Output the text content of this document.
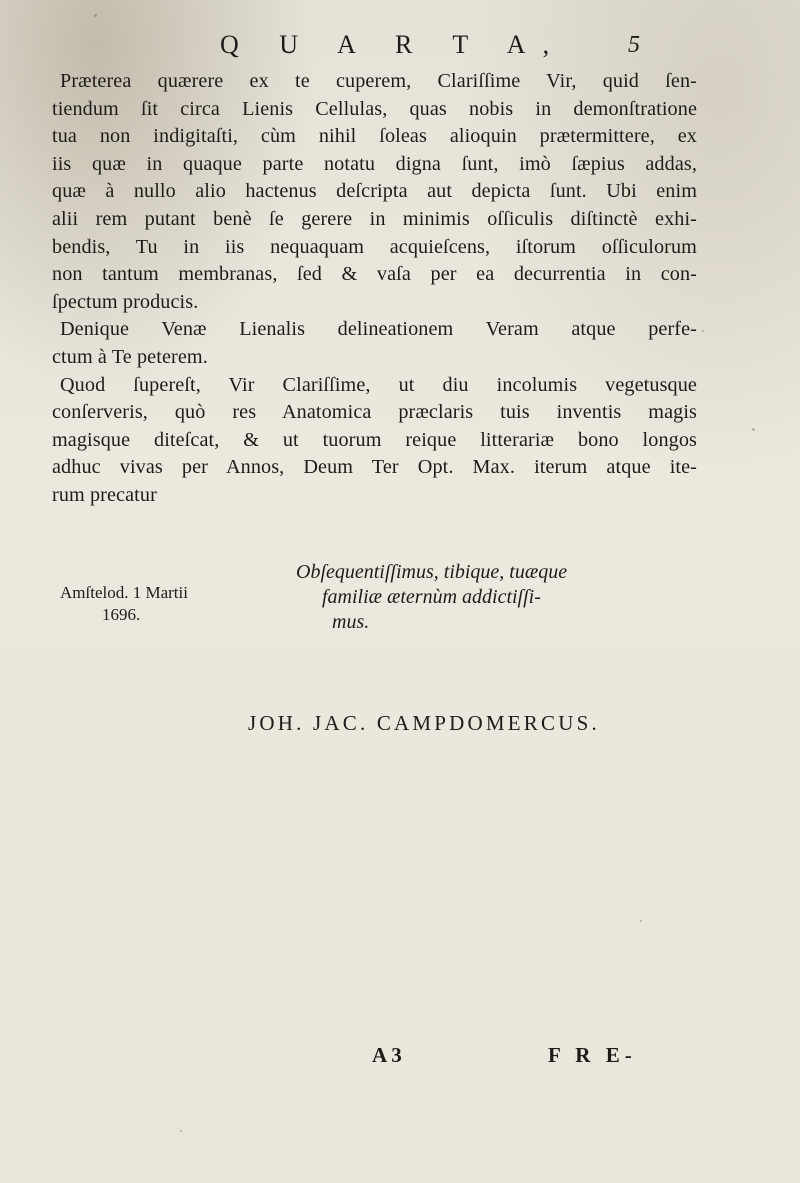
Q U A R T A,	5

Præterea quærere ex te cuperem, Clariſſime Vir, quid ſen-
tiendum ſit circa Lienis Cellulas, quas nobis in demonſtratione
tua non indigitaſti, cùm nihil ſoleas alioquin prætermittere, ex
iis quæ in quaque parte notatu digna ſunt, imò ſæpius addas,
quæ à nullo alio hactenus deſcripta aut depicta ſunt. Ubi enim
alii rem putant benè ſe gerere in minimis oſſiculis diſtinctè exhi-
bendis, Tu in iis nequaquam acquieſcens, iſtorum oſſiculorum
non tantum membranas, ſed & vaſa per ea decurrentia in con-
ſpectum producis.

Denique Venæ Lienalis delineationem Veram atque perfe-
ctum à Te peterem.

Quod ſupereſt, Vir Clariſſime, ut diu incolumis vegetusque
conſerveris, quò res Anatomica præclaris tuis inventis magis
magisque diteſcat, & ut tuorum reique litterariæ bono longos
adhuc vivas per Annos, Deum Ter Opt. Max. iterum atque ite-
rum precatur

Amſtelod. 1 Martii
1696.
Obſequentiſſimus, tibique, tuæque
familiæ æternùm addictiſſi-
mus.
JOH. JAC. CAMPDOMERCUS.
A 3	F R E-
